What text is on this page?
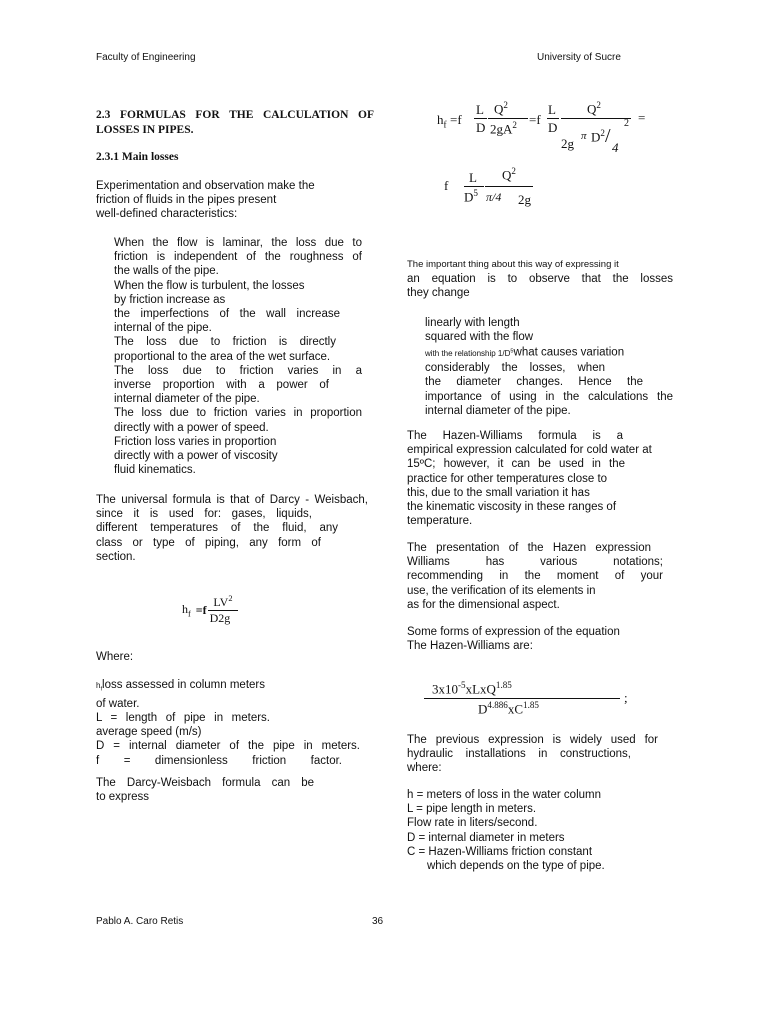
Faculty of Engineering	University of Sucre
2.3 FORMULAS FOR THE CALCULATION OF
LOSSES IN PIPES.
2.3.1 Main losses
Experimentation and observation make the
friction of fluids in the pipes present
well-defined characteristics:
When the flow is laminar, the loss due to
friction is independent of the roughness of
the walls of the pipe.
When the flow is turbulent, the losses
by friction increase as
the imperfections of the wall increase
internal of the pipe.
The loss due to friction is directly
proportional to the area of the wet surface.
The loss due to friction varies in a
inverse proportion with a power of
internal diameter of the pipe.
The loss due to friction varies in proportion
directly with a power of speed.
Friction loss varies in proportion
directly with a power of viscosity
fluid kinematics.
The universal formula is that of Darcy - Weisbach,
since it is used for: gases, liquids,
different temperatures of the fluid, any
class or type of piping, any form of
section.
$h_f =f \frac{LV^2}{D2g}$
Where:
$h_floss$ assessed in column meters
of water.
L = length of pipe in meters.
average speed (m/s)
D = internal diameter of the pipe in meters.
f = dimensionless friction factor.
The Darcy-Weisbach formula can be
to express
$h_f =f$
L
D
$Q^2$
$2gA^2 =f$
L
D
$Q^2$
2g π $D^2$ /
4
2 =
f
L
$D^5$
$Q^2$
π/4 2g
The important thing about this way of expressing it
an equation is to observe that the losses
they change
linearly with length
squared with the flow
with the relationship $1/D^5what$ causes variation
considerably the losses, when
the diameter changes. Hence the
importance of using in the calculations the
internal diameter of the pipe.
The Hazen-Williams formula is a
empirical expression calculated for cold water at
15ºC; however, it can be used in the
practice for other temperatures close to
this, due to the small variation it has
the kinematic viscosity in these ranges of
temperature.
The presentation of the Hazen expression
Williams has various notations;
recommending in the moment of your
use, the verification of its elements in
as for the dimensional aspect.
Some forms of expression of the equation
The Hazen-Williams are:
$3x10^{-5}xLxQ^{1.85}$
$D^{4.886}xC^{1.85}$	;
The previous expression is widely used for
hydraulic installations in constructions,
where:
h = meters of loss in the water column
L = pipe length in meters.
Flow rate in liters/second.
D = internal diameter in meters
C = Hazen-Williams friction constant
which depends on the type of pipe.
Pablo A. Caro Retis	36
